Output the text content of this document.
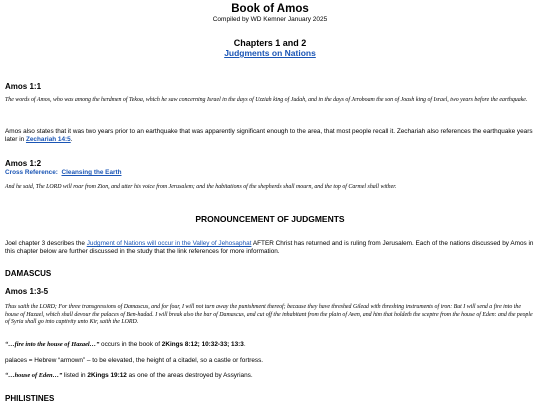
Book of Amos
Compiled by WD Kemner January 2025
Chapters 1 and 2
Judgments on Nations
Amos 1:1
The words of Amos, who was among the herdmen of Tekoa, which he saw concerning Israel in the days of Uzziah king of Judah, and in the days of Jeroboam the son of Joash king of Israel, two years before the earthquake.
Amos also states that it was two years prior to an earthquake that was apparently significant enough to the area, that most people recall it. Zechariah also references the earthquake years later in Zechariah 14:5.
Amos 1:2
Cross Reference: Cleansing the Earth
And he said, The LORD will roar from Zion, and utter his voice from Jerusalem; and the habitations of the shepherds shall mourn, and the top of Carmel shall wither.
PRONOUNCEMENT OF JUDGMENTS
Joel chapter 3 describes the Judgment of Nations will occur in the Valley of Jehosaphat AFTER Christ has returned and is ruling from Jerusalem. Each of the nations discussed by Amos in this chapter below are further discussed in the study that the link references for more information.
DAMASCUS
Amos 1:3-5
Thus saith the LORD; For three transgressions of Damascus, and for four, I will not turn away the punishment thereof; because they have threshed Gilead with threshing instruments of iron: But I will send a fire into the house of Hazael, which shall devour the palaces of Ben-hadad. I will break also the bar of Damascus, and cut off the inhabitant from the plain of Aven, and him that holdeth the sceptre from the house of Eden: and the people of Syria shall go into captivity unto Kir, saith the LORD.
“…fire into the house of Hazael…” occurs in the book of 2Kings 8:12; 10:32-33; 13:3.
palaces = Hebrew “armown” – to be elevated, the height of a citadel, so a castle or fortress.
“…house of Eden…” listed in 2Kings 19:12 as one of the areas destroyed by Assyrians.
PHILISTINES
